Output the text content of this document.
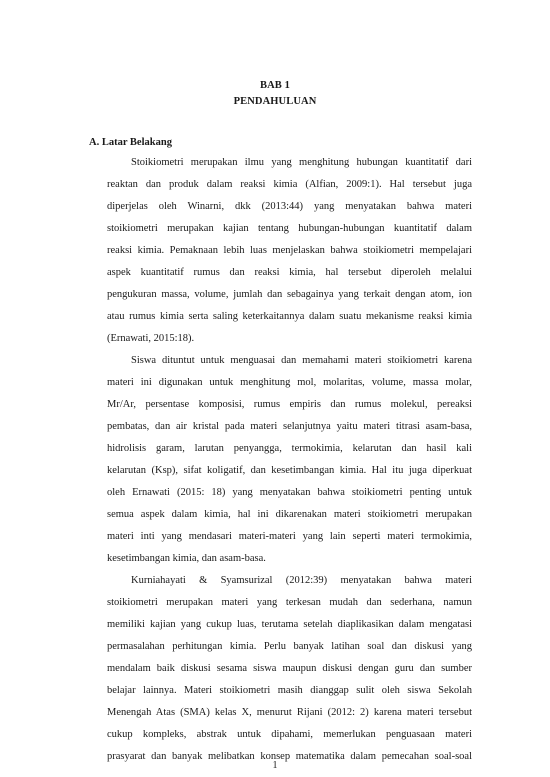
BAB 1
PENDAHULUAN
A. Latar Belakang
Stoikiometri merupakan ilmu yang menghitung hubungan kuantitatif dari
reaktan dan produk dalam reaksi kimia (Alfian, 2009:1). Hal tersebut juga
diperjelas oleh Winarni, dkk (2013:44) yang menyatakan bahwa materi
stoikiometri merupakan kajian tentang hubungan-hubungan kuantitatif dalam
reaksi kimia. Pemaknaan lebih luas menjelaskan bahwa stoikiometri mempelajari
aspek kuantitatif rumus dan reaksi kimia, hal tersebut diperoleh melalui
pengukuran massa, volume, jumlah dan sebagainya yang terkait dengan atom, ion
atau rumus kimia serta saling keterkaitannya dalam suatu mekanisme reaksi kimia
(Ernawati, 2015:18).
Siswa dituntut untuk menguasai dan memahami materi stoikiometri karena
materi ini digunakan untuk menghitung mol, molaritas, volume, massa molar,
Mr/Ar, persentase komposisi, rumus empiris dan rumus molekul, pereaksi
pembatas, dan air kristal pada materi selanjutnya yaitu materi titrasi asam-basa,
hidrolisis garam, larutan penyangga, termokimia, kelarutan dan hasil kali
kelarutan (Ksp), sifat koligatif, dan kesetimbangan kimia. Hal itu juga diperkuat
oleh Ernawati (2015: 18) yang menyatakan bahwa stoikiometri penting untuk
semua aspek dalam kimia, hal ini dikarenakan materi stoikiometri merupakan
materi inti yang mendasari materi-materi yang lain seperti materi termokimia,
kesetimbangan kimia, dan asam-basa.
Kurniahayati & Syamsurizal (2012:39) menyatakan bahwa materi
stoikiometri merupakan materi yang terkesan mudah dan sederhana, namun
memiliki kajian yang cukup luas, terutama setelah diaplikasikan dalam mengatasi
permasalahan perhitungan kimia. Perlu banyak latihan soal dan diskusi yang
mendalam baik diskusi sesama siswa maupun diskusi dengan guru dan sumber
belajar lainnya. Materi stoikiometri masih dianggap sulit oleh siswa Sekolah
Menengah Atas (SMA) kelas X, menurut Rijani (2012: 2) karena materi tersebut
cukup kompleks, abstrak untuk dipahami, memerlukan penguasaan materi
prasyarat dan banyak melibatkan konsep matematika dalam pemecahan soal-soal
1
